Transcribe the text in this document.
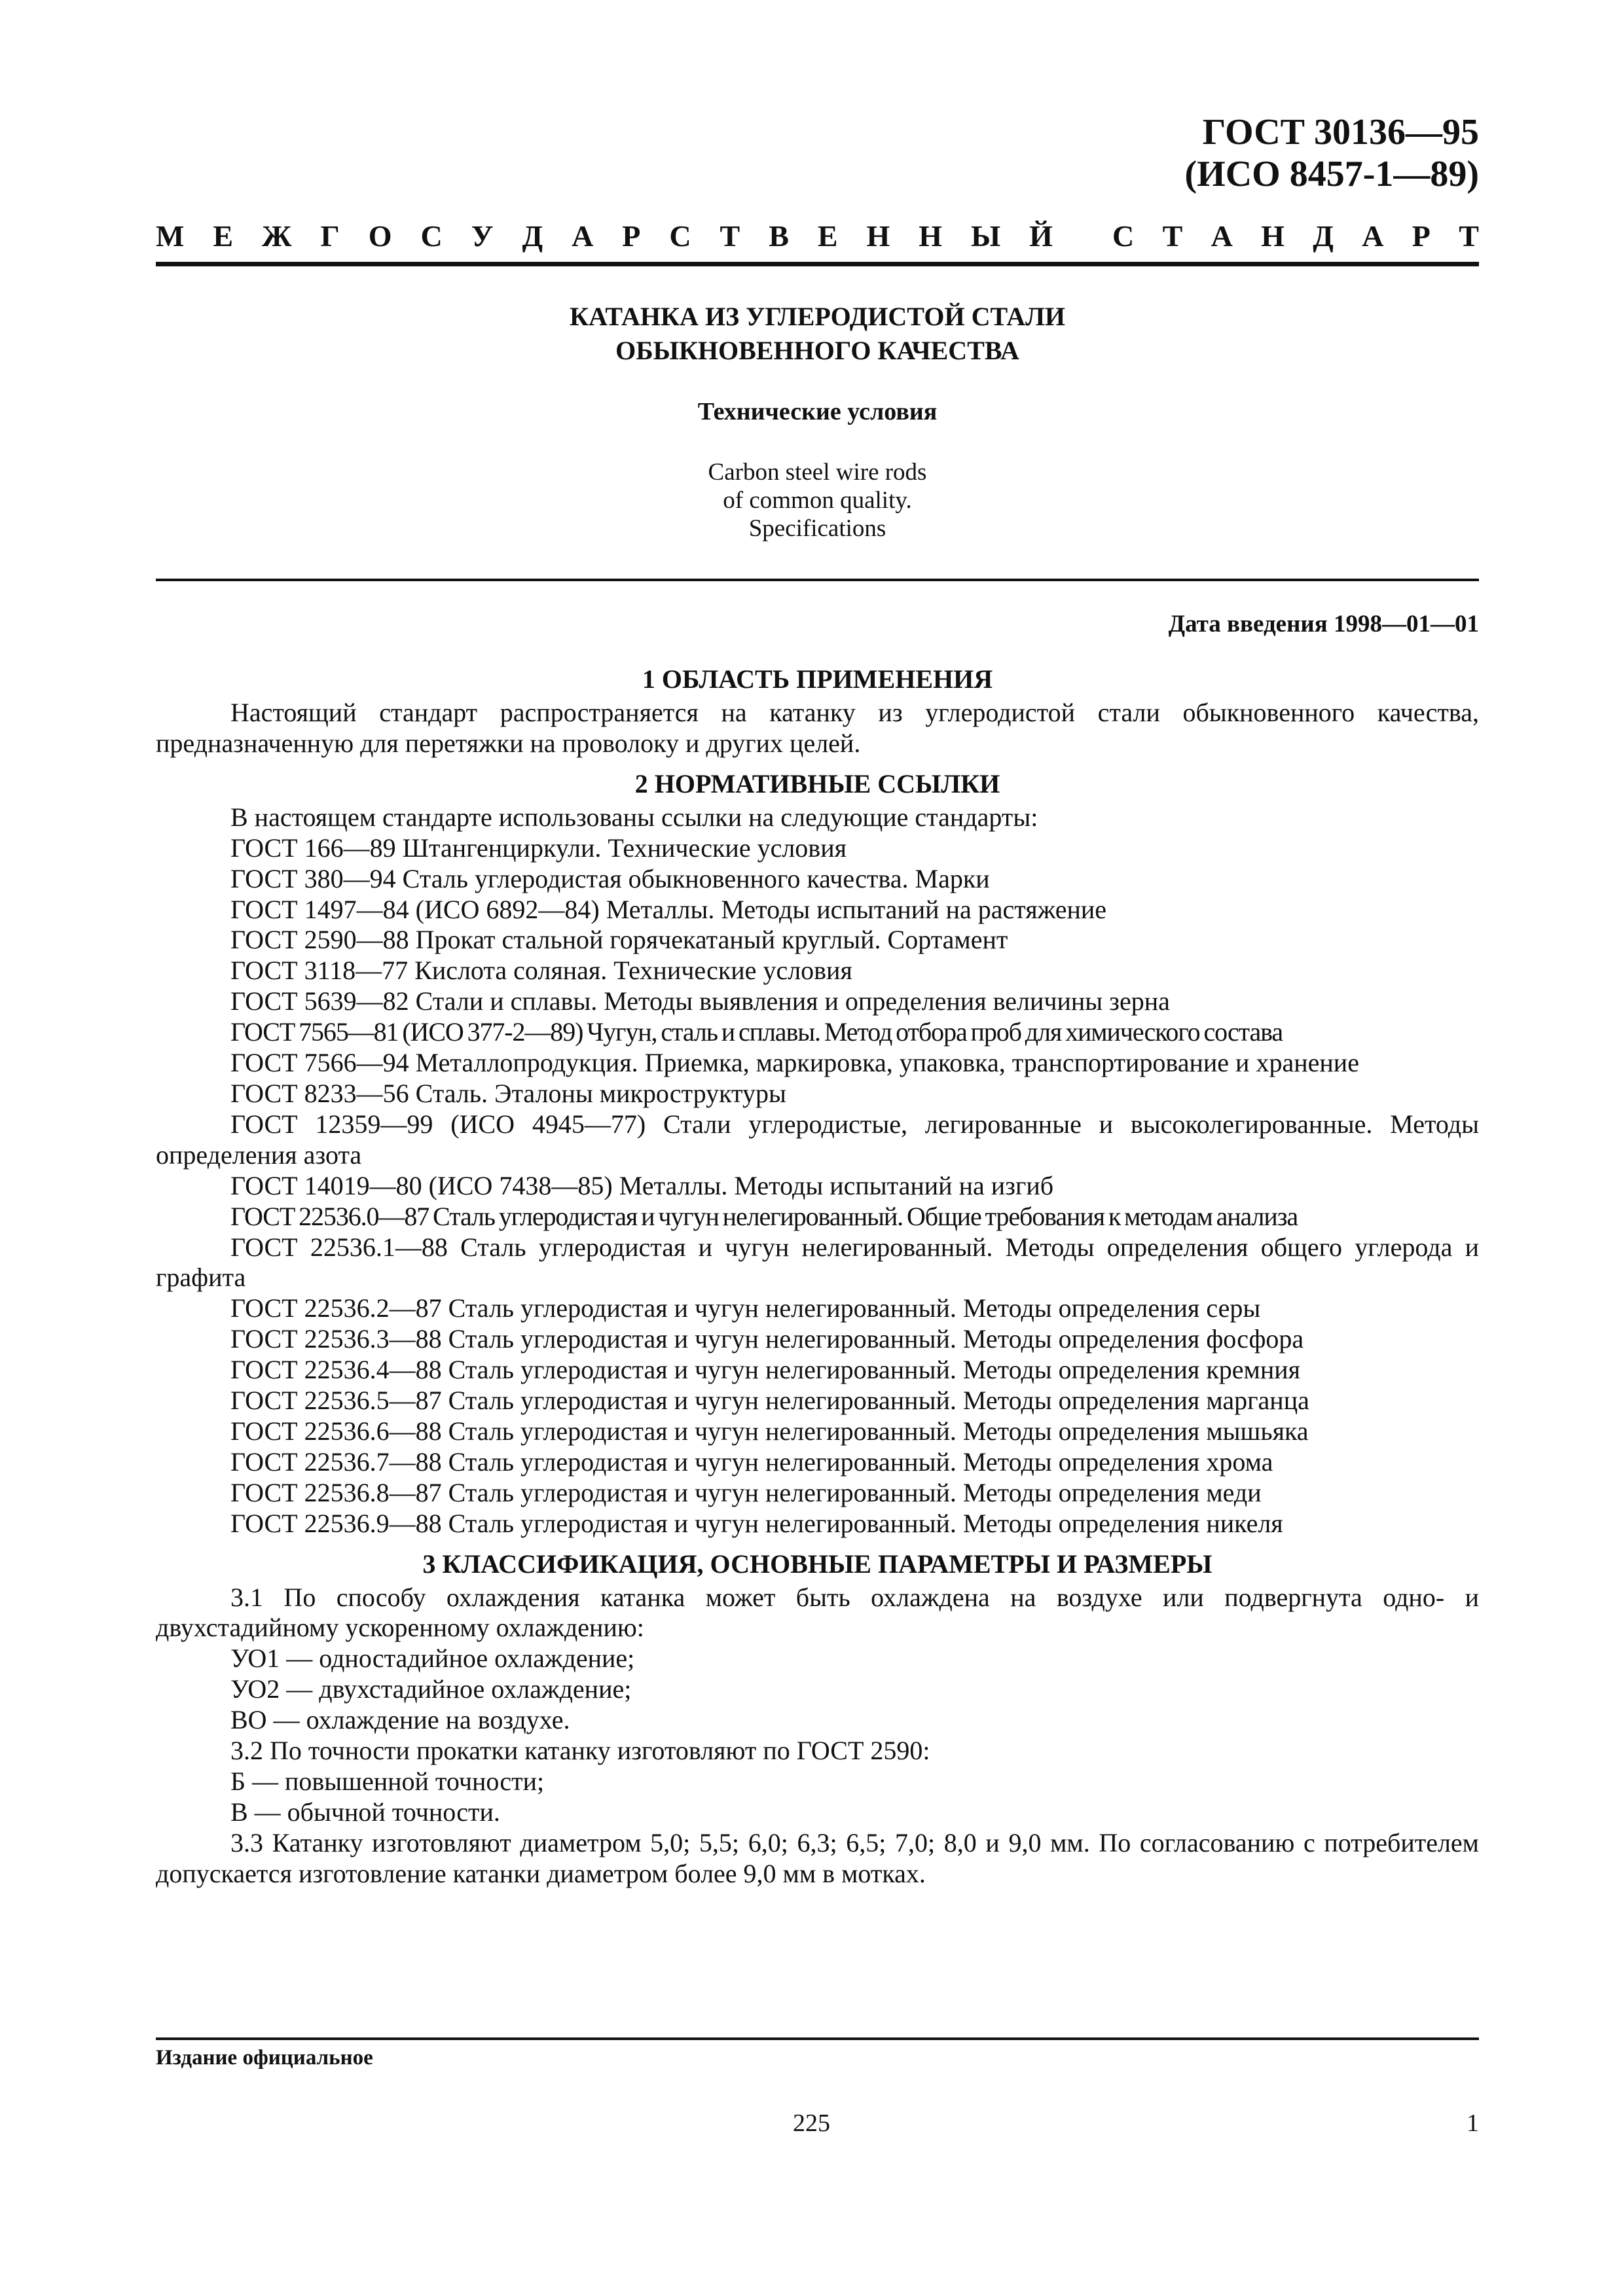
ГОСТ 30136—95
(ИСО 8457-1—89)
М Е Ж Г О С У Д А Р С Т В Е Н Н Ы Й С Т А Н Д А Р Т
КАТАНКА ИЗ УГЛЕРОДИСТОЙ СТАЛИ
ОБЫКНОВЕННОГО КАЧЕСТВА
Технические условия
Carbon steel wire rods
of common quality.
Specifications
Дата введения 1998—01—01
1 ОБЛАСТЬ ПРИМЕНЕНИЯ

Настоящий стандарт распространяется на катанку из углеродистой стали обыкновенного качества, предназначенную для перетяжки на проволоку и других целей.

2 НОРМАТИВНЫЕ ССЫЛКИ
В настоящем стандарте использованы ссылки на следующие стандарты:
ГОСТ 166—89 Штангенциркули. Технические условия
ГОСТ 380—94 Сталь углеродистая обыкновенного качества. Марки
ГОСТ 1497—84 (ИСО 6892—84) Металлы. Методы испытаний на растяжение
ГОСТ 2590—88 Прокат стальной горячекатаный круглый. Сортамент
ГОСТ 3118—77 Кислота соляная. Технические условия
ГОСТ 5639—82 Стали и сплавы. Методы выявления и определения величины зерна
ГОСТ 7565—81 (ИСО 377-2—89) Чугун, сталь и сплавы. Метод отбора проб для химического состава

ГОСТ 7566—94 Металлопродукция. Приемка, маркировка, упаковка, транспортирование и хранение

ГОСТ 8233—56 Сталь. Эталоны микроструктуры

ГОСТ 12359—99 (ИСО 4945—77) Стали углеродистые, легированные и высоколегированные. Методы определения азота

ГОСТ 14019—80 (ИСО 7438—85) Металлы. Методы испытаний на изгиб
ГОСТ 22536.0—87 Сталь углеродистая и чугун нелегированный. Общие требования к методам анализа

ГОСТ 22536.1—88 Сталь углеродистая и чугун нелегированный. Методы определения общего углерода и графита

ГОСТ 22536.2—87 Сталь углеродистая и чугун нелегированный. Методы определения серы
ГОСТ 22536.3—88 Сталь углеродистая и чугун нелегированный. Методы определения фосфора
ГОСТ 22536.4—88 Сталь углеродистая и чугун нелегированный. Методы определения кремния
ГОСТ 22536.5—87 Сталь углеродистая и чугун нелегированный. Методы определения марганца
ГОСТ 22536.6—88 Сталь углеродистая и чугун нелегированный. Методы определения мышьяка
ГОСТ 22536.7—88 Сталь углеродистая и чугун нелегированный. Методы определения хрома
ГОСТ 22536.8—87 Сталь углеродистая и чугун нелегированный. Методы определения меди
ГОСТ 22536.9—88 Сталь углеродистая и чугун нелегированный. Методы определения никеля
3 КЛАССИФИКАЦИЯ, ОСНОВНЫЕ ПАРАМЕТРЫ И РАЗМЕРЫ

3.1 По способу охлаждения катанка может быть охлаждена на воздухе или подвергнута одно- и двухстадийному ускоренному охлаждению:

УО1 — одностадийное охлаждение;
УО2 — двухстадийное охлаждение;
ВО — охлаждение на воздухе.
3.2 По точности прокатки катанку изготовляют по ГОСТ 2590:
Б — повышенной точности;
В — обычной точности.

3.3 Катанку изготовляют диаметром 5,0; 5,5; 6,0; 6,3; 6,5; 7,0; 8,0 и 9,0 мм. По согласованию с потребителем допускается изготовление катанки диаметром более 9,0 мм в мотках.

Издание официальное
225	1
